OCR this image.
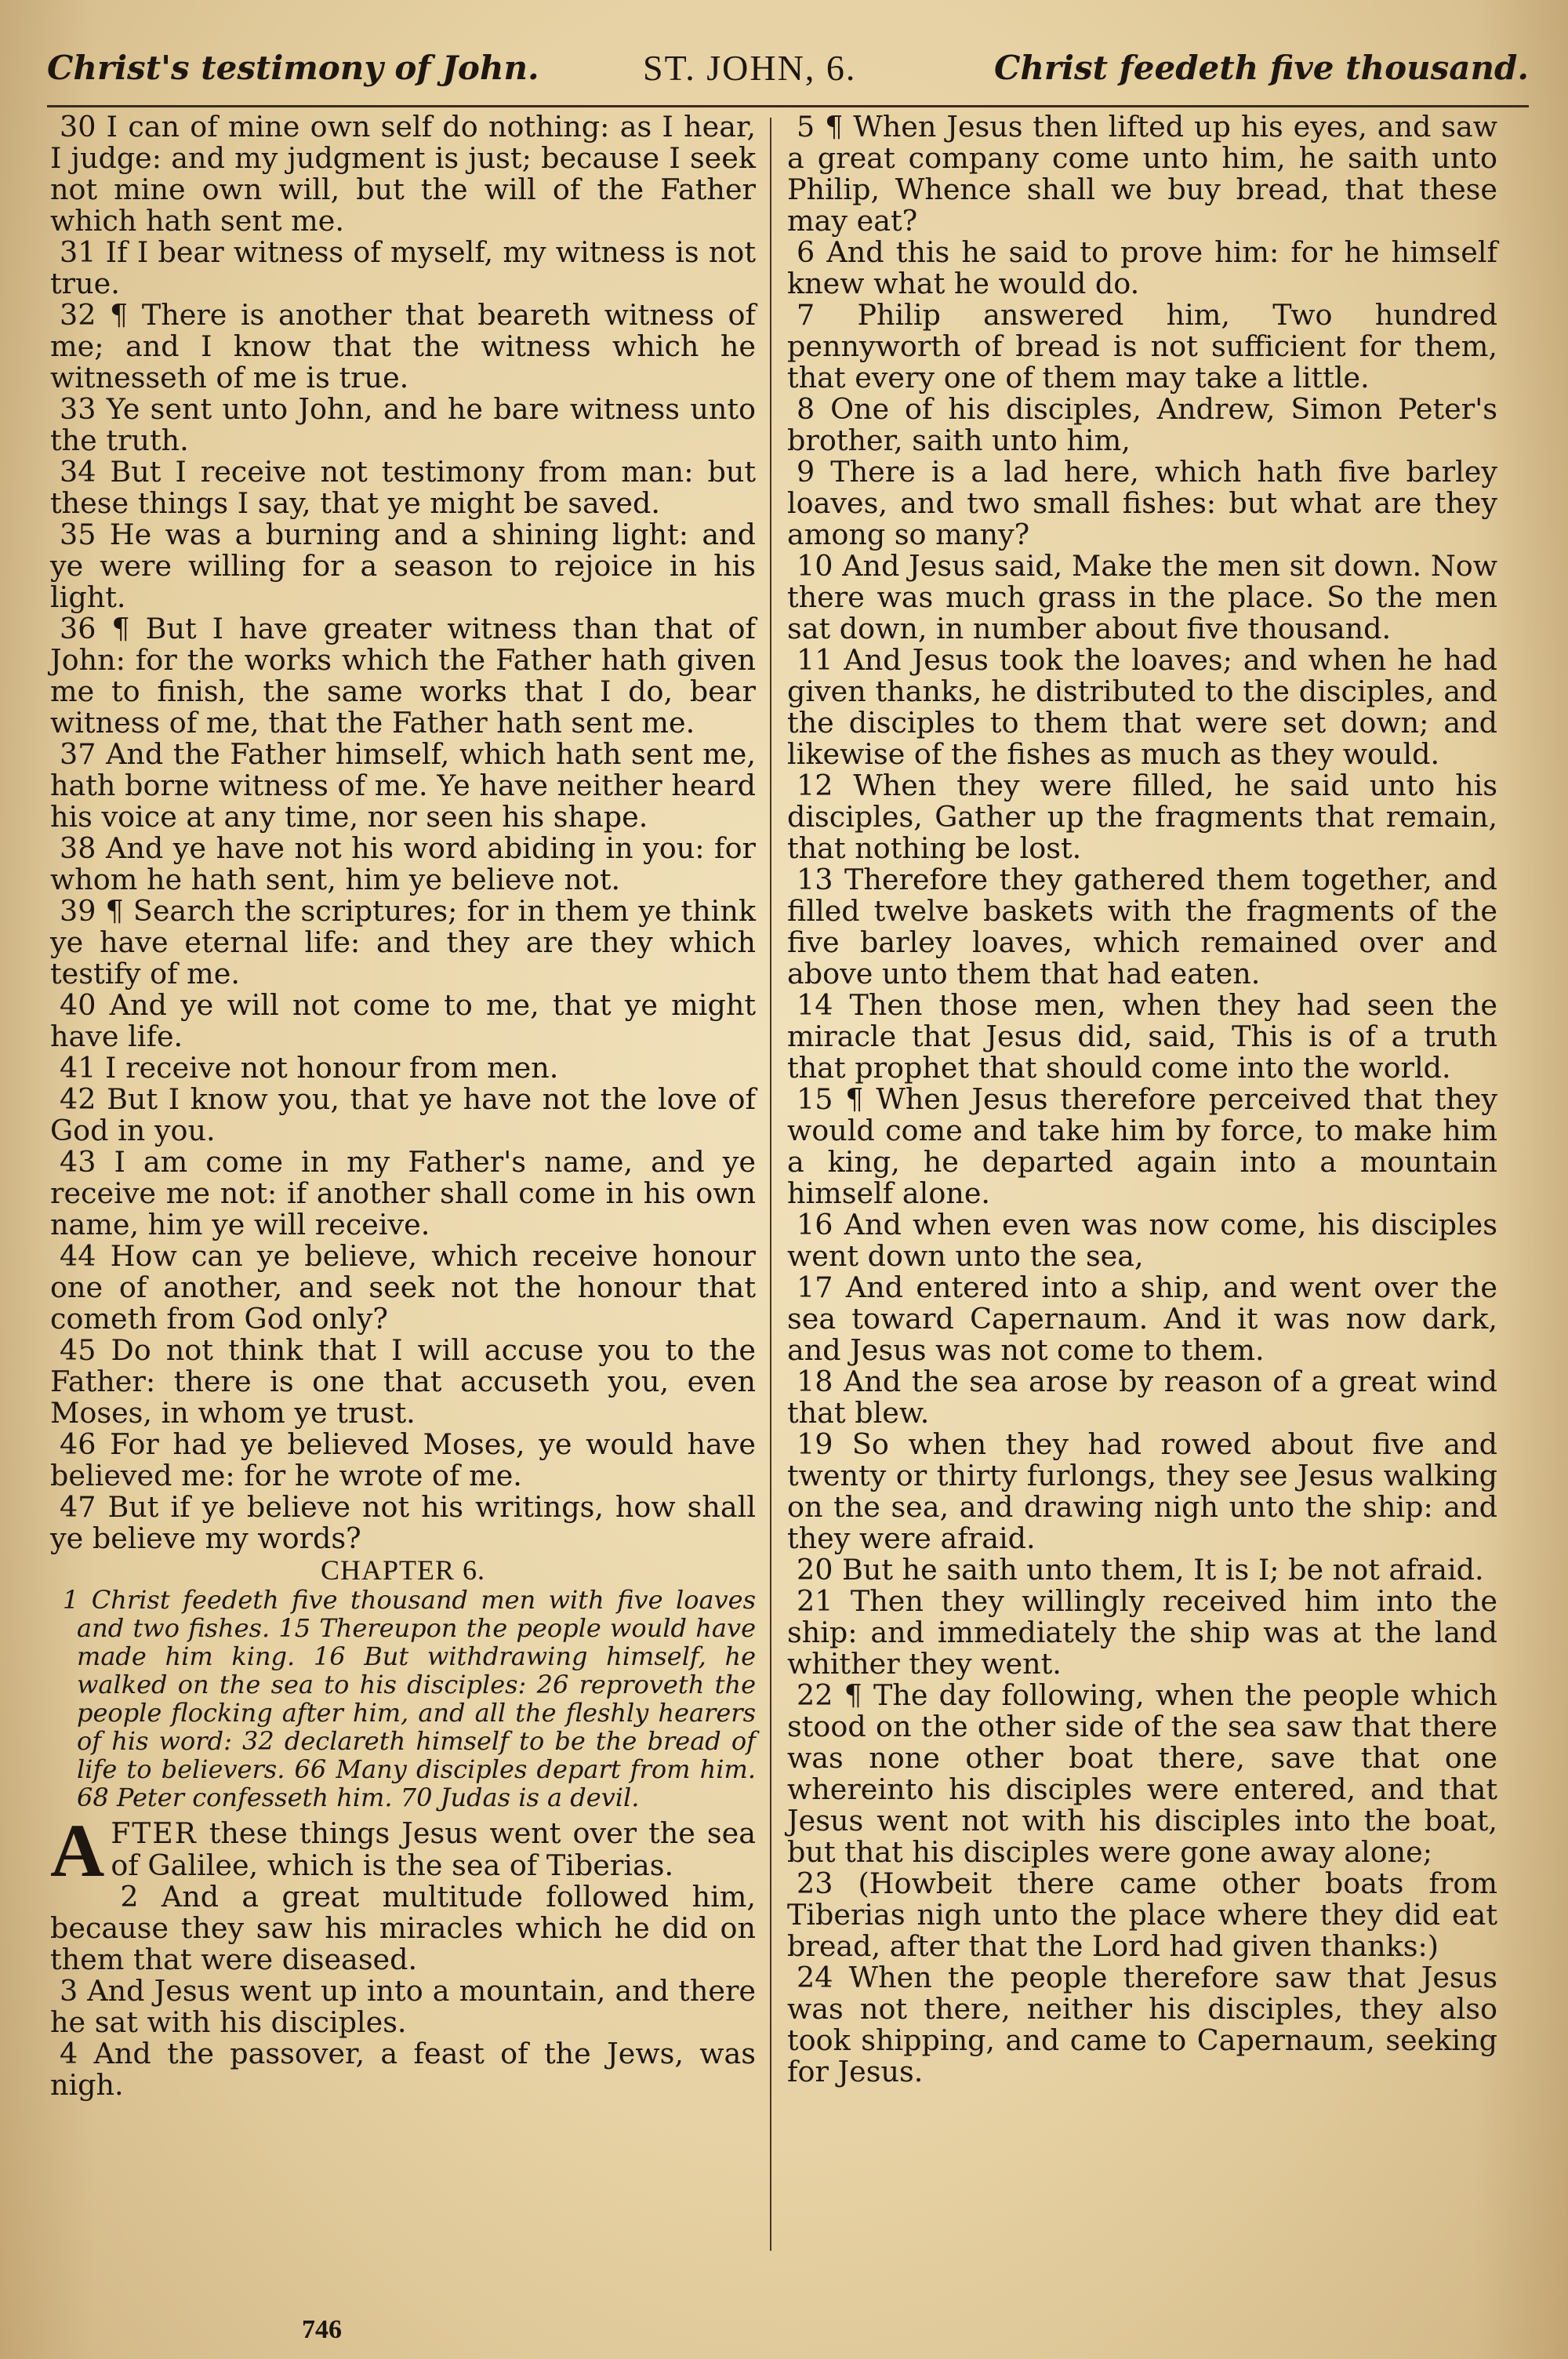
Christ's testimony of John.	ST. JOHN, 6.	Christ feedeth five thousand.

30 I can of mine own self do nothing: as I hear, I judge: and my judgment is just; because I seek not mine own will, but the will of the Father which hath sent me.

31 If I bear witness of myself, my witness is not true.

32 ¶ There is another that beareth witness of me; and I know that the witness which he witnesseth of me is true.

33 Ye sent unto John, and he bare witness unto the truth.

34 But I receive not testimony from man: but these things I say, that ye might be saved.

35 He was a burning and a shining light: and ye were willing for a season to rejoice in his light.

36 ¶ But I have greater witness than that of John: for the works which the Father hath given me to finish, the same works that I do, bear witness of me, that the Father hath sent me.

37 And the Father himself, which hath sent me, hath borne witness of me. Ye have neither heard his voice at any time, nor seen his shape.

38 And ye have not his word abiding in you: for whom he hath sent, him ye believe not.

39 ¶ Search the scriptures; for in them ye think ye have eternal life: and they are they which testify of me.

40 And ye will not come to me, that ye might have life.

41 I receive not honour from men.

42 But I know you, that ye have not the love of God in you.

43 I am come in my Father's name, and ye receive me not: if another shall come in his own name, him ye will receive.

44 How can ye believe, which receive honour one of another, and seek not the honour that cometh from God only?

45 Do not think that I will accuse you to the Father: there is one that accuseth you, even Moses, in whom ye trust.

46 For had ye believed Moses, ye would have believed me: for he wrote of me.

47 But if ye believe not his writings, how shall ye believe my words?

CHAPTER 6.

1 Christ feedeth five thousand men with five loaves and two fishes. 15 Thereupon the people would have made him king. 16 But withdrawing himself, he walked on the sea to his disciples: 26 reproveth the people flocking after him, and all the fleshly hearers of his word: 32 declareth himself to be the bread of life to believers. 66 Many disciples depart from him. 68 Peter confesseth him. 70 Judas is a devil.

AFTER these things Jesus went over the sea of Galilee, which is the sea of Tiberias.

2 And a great multitude followed him, because they saw his miracles which he did on them that were diseased.

3 And Jesus went up into a mountain, and there he sat with his disciples.

4 And the passover, a feast of the Jews, was nigh.

5 ¶ When Jesus then lifted up his eyes, and saw a great company come unto him, he saith unto Philip, Whence shall we buy bread, that these may eat?

6 And this he said to prove him: for he himself knew what he would do.

7 Philip answered him, Two hundred pennyworth of bread is not sufficient for them, that every one of them may take a little.

8 One of his disciples, Andrew, Simon Peter's brother, saith unto him,

9 There is a lad here, which hath five barley loaves, and two small fishes: but what are they among so many?

10 And Jesus said, Make the men sit down. Now there was much grass in the place. So the men sat down, in number about five thousand.

11 And Jesus took the loaves; and when he had given thanks, he distributed to the disciples, and the disciples to them that were set down; and likewise of the fishes as much as they would.

12 When they were filled, he said unto his disciples, Gather up the fragments that remain, that nothing be lost.

13 Therefore they gathered them together, and filled twelve baskets with the fragments of the five barley loaves, which remained over and above unto them that had eaten.

14 Then those men, when they had seen the miracle that Jesus did, said, This is of a truth that prophet that should come into the world.

15 ¶ When Jesus therefore perceived that they would come and take him by force, to make him a king, he departed again into a mountain himself alone.

16 And when even was now come, his disciples went down unto the sea,

17 And entered into a ship, and went over the sea toward Capernaum. And it was now dark, and Jesus was not come to them.

18 And the sea arose by reason of a great wind that blew.

19 So when they had rowed about five and twenty or thirty furlongs, they see Jesus walking on the sea, and drawing nigh unto the ship: and they were afraid.

20 But he saith unto them, It is I; be not afraid.

21 Then they willingly received him into the ship: and immediately the ship was at the land whither they went.

22 ¶ The day following, when the people which stood on the other side of the sea saw that there was none other boat there, save that one whereinto his disciples were entered, and that Jesus went not with his disciples into the boat, but that his disciples were gone away alone;

23 (Howbeit there came other boats from Tiberias nigh unto the place where they did eat bread, after that the Lord had given thanks:)

24 When the people therefore saw that Jesus was not there, neither his disciples, they also took shipping, and came to Capernaum, seeking for Jesus.

746
